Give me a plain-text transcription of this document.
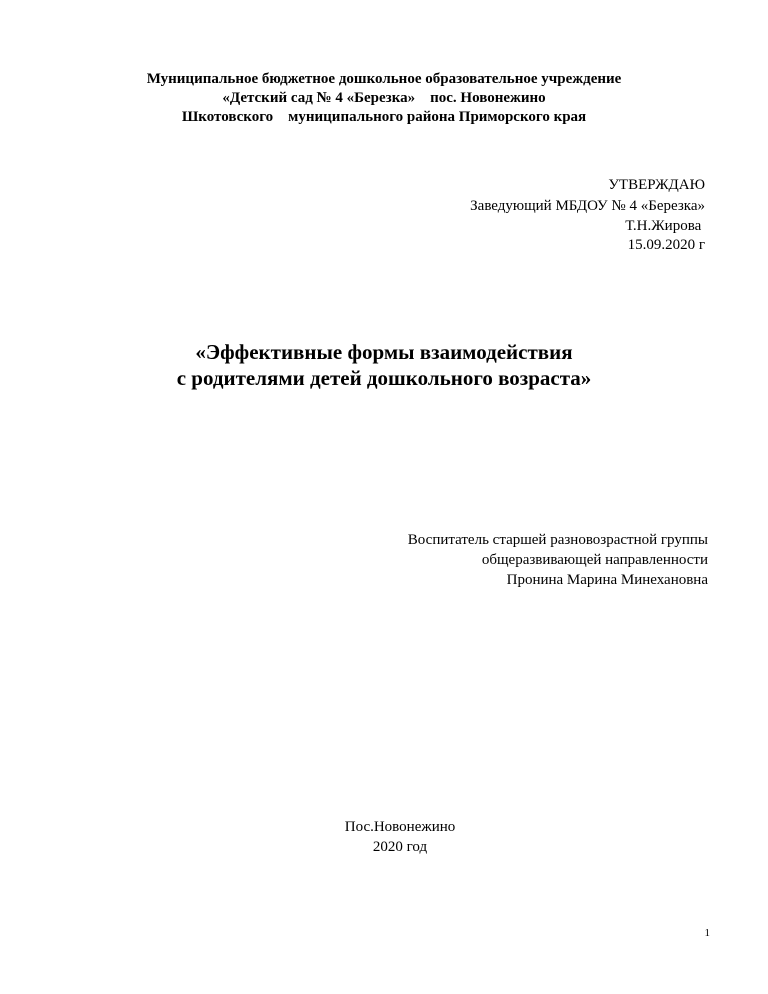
Муниципальное бюджетное дошкольное образовательное учреждение
«Детский сад № 4 «Березка»    пос. Новонежино
Шкотовского    муниципального района Приморского края
УТВЕРЖДАЮ
Заведующий МБДОУ № 4 «Березка»
Т.Н.Жирова
15.09.2020 г
«Эффективные формы взаимодействия
с родителями детей дошкольного возраста»
Воспитатель старшей разновозрастной группы
общеразвивающей направленности
Пронина Марина Минехановна
Пос.Новонежино
2020 год
1
